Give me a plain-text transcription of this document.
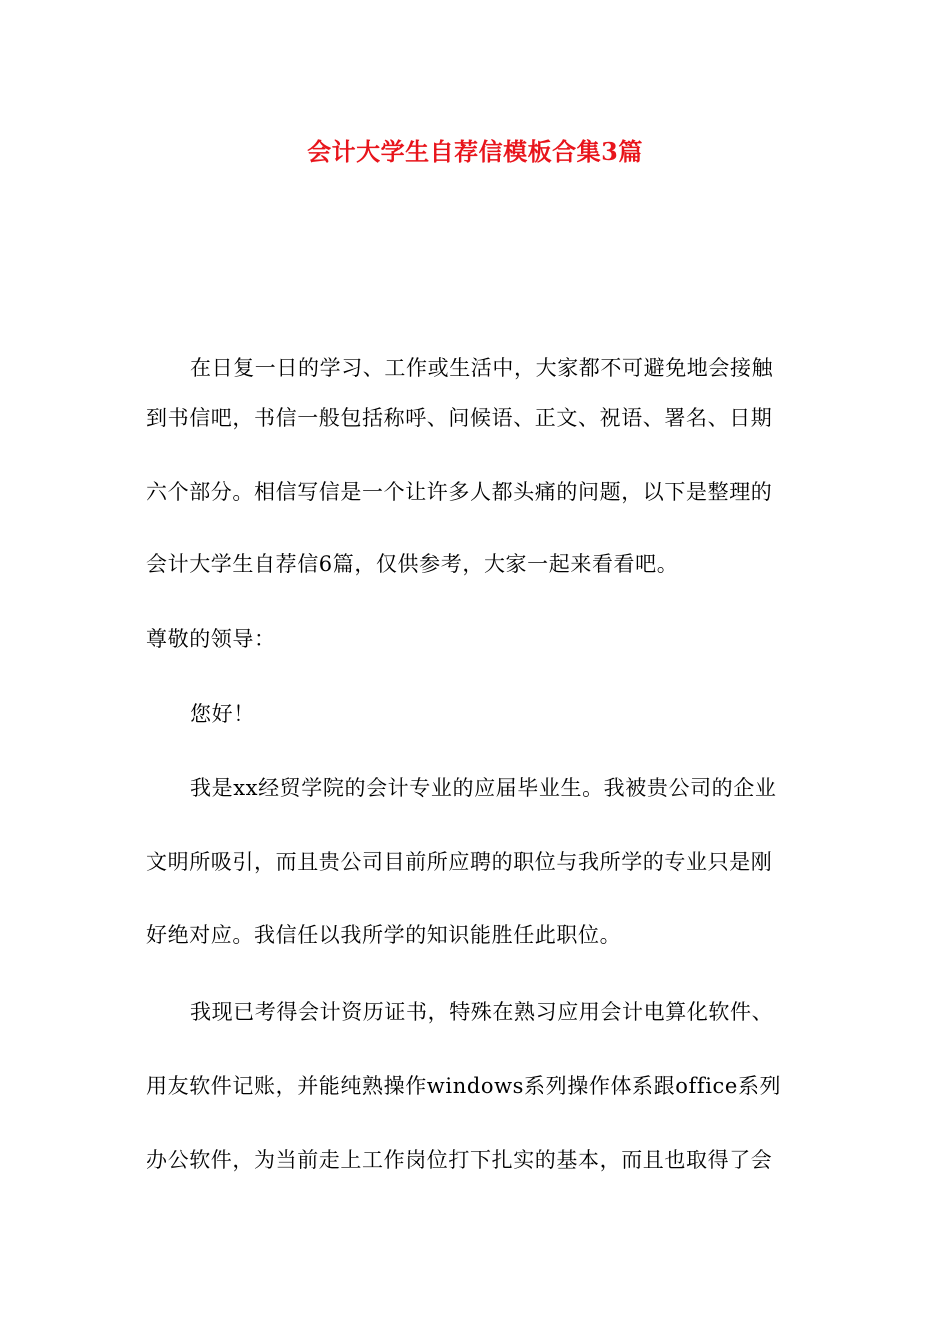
会计大学生自荐信模板合集3篇
在日复一日的学习、工作或生活中，大家都不可避免地会接触
到书信吧，书信一般包括称呼、问候语、正文、祝语、署名、日期
六个部分。相信写信是一个让许多人都头痛的问题，以下是整理的
会计大学生自荐信6篇，仅供参考，大家一起来看看吧。
尊敬的领导：
您好！
我是xx经贸学院的会计专业的应届毕业生。我被贵公司的企业
文明所吸引，而且贵公司目前所应聘的职位与我所学的专业只是刚
好绝对应。我信任以我所学的知识能胜任此职位。
我现已考得会计资历证书，特殊在熟习应用会计电算化软件、
用友软件记账，并能纯熟操作windows系列操作体系跟office系列
办公软件，为当前走上工作岗位打下扎实的基本，而且也取得了会
